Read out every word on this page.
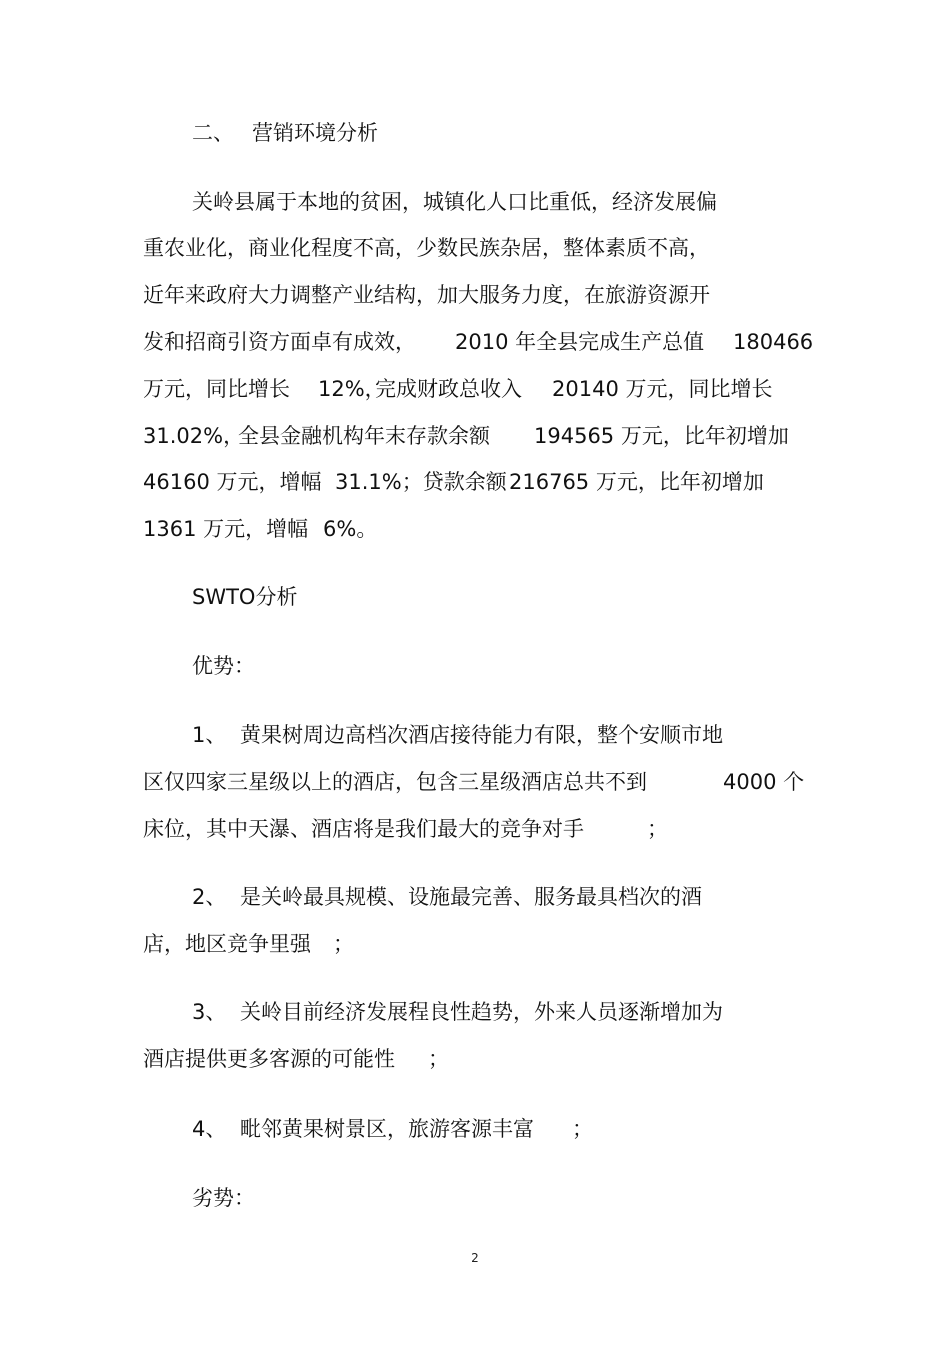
二、 营销环境分析
关岭县属于本地的贫困，城镇化人口比重低，经济发展偏
重农业化，商业化程度不高，少数民族杂居，整体素质不高，
近年来政府大力调整产业结构，加大服务力度，在旅游资源开
发和招商引资方面卓有成效， 2010 年全县完成生产总值 180466
万元，同比增长 12%，
完成财政总收入 20140 万元，同比增长
31.02%，
全县金融机构年末存款余额 194565 万元，比年初增加
46160 万元，增幅 31.1%；贷款余额 216765 万元，比年初增加
1361 万元，增幅 6%。
SWTO分析
优势：
1、 黄果树周边高档次酒店接待能力有限，整个安顺市地
区仅四家三星级以上的酒店，包含三星级酒店总共不到	4000 个
床位，其中天瀑、酒店将是我们最大的竞争对手	；
2、 是关岭最具规模、设施最完善、服务最具档次的酒
店，地区竞争里强 ；
3、 关岭目前经济发展程良性趋势，外来人员逐渐增加为
酒店提供更多客源的可能性 ；
4、 毗邻黄果树景区，旅游客源丰富 ；
劣势：
2
